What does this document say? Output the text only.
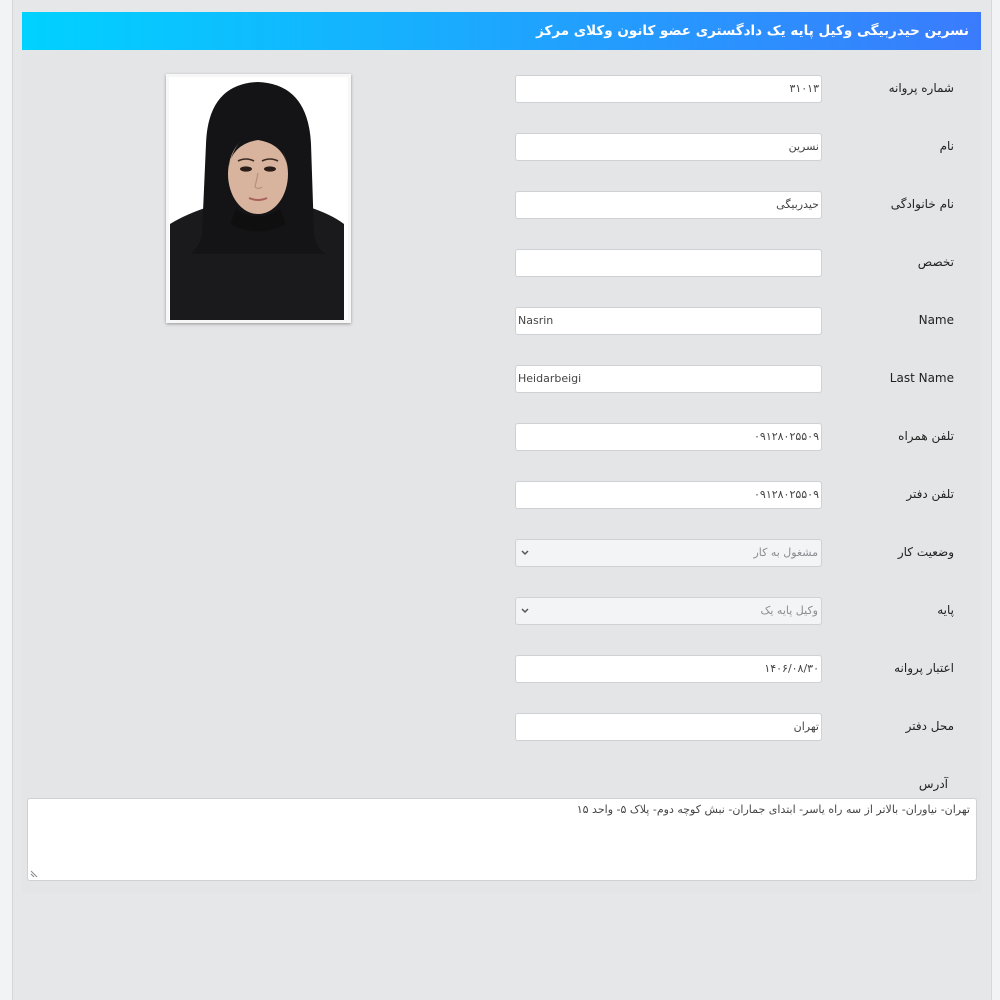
نسرین حیدربیگی وکیل پایه یک دادگستری عضو کانون وکلای مرکز
شماره پروانه
۳۱۰۱۳
نام
نسرین
نام خانوادگی
حیدربیگی
تخصص
Name
Nasrin
Last Name
Heidarbeigi
تلفن همراه
۰۹۱۲۸۰۲۵۵۰۹
تلفن دفتر
۰۹۱۲۸۰۲۵۵۰۹
وضعیت کار
مشغول به کار
پایه
وکیل پایه یک
اعتبار پروانه
۱۴۰۶/۰۸/۳۰
محل دفتر
تهران
آدرس
تهران- نیاوران- بالاتر از سه راه یاسر- ابتدای جماران- نبش کوچه دوم- پلاک ۵- واحد ۱۵
